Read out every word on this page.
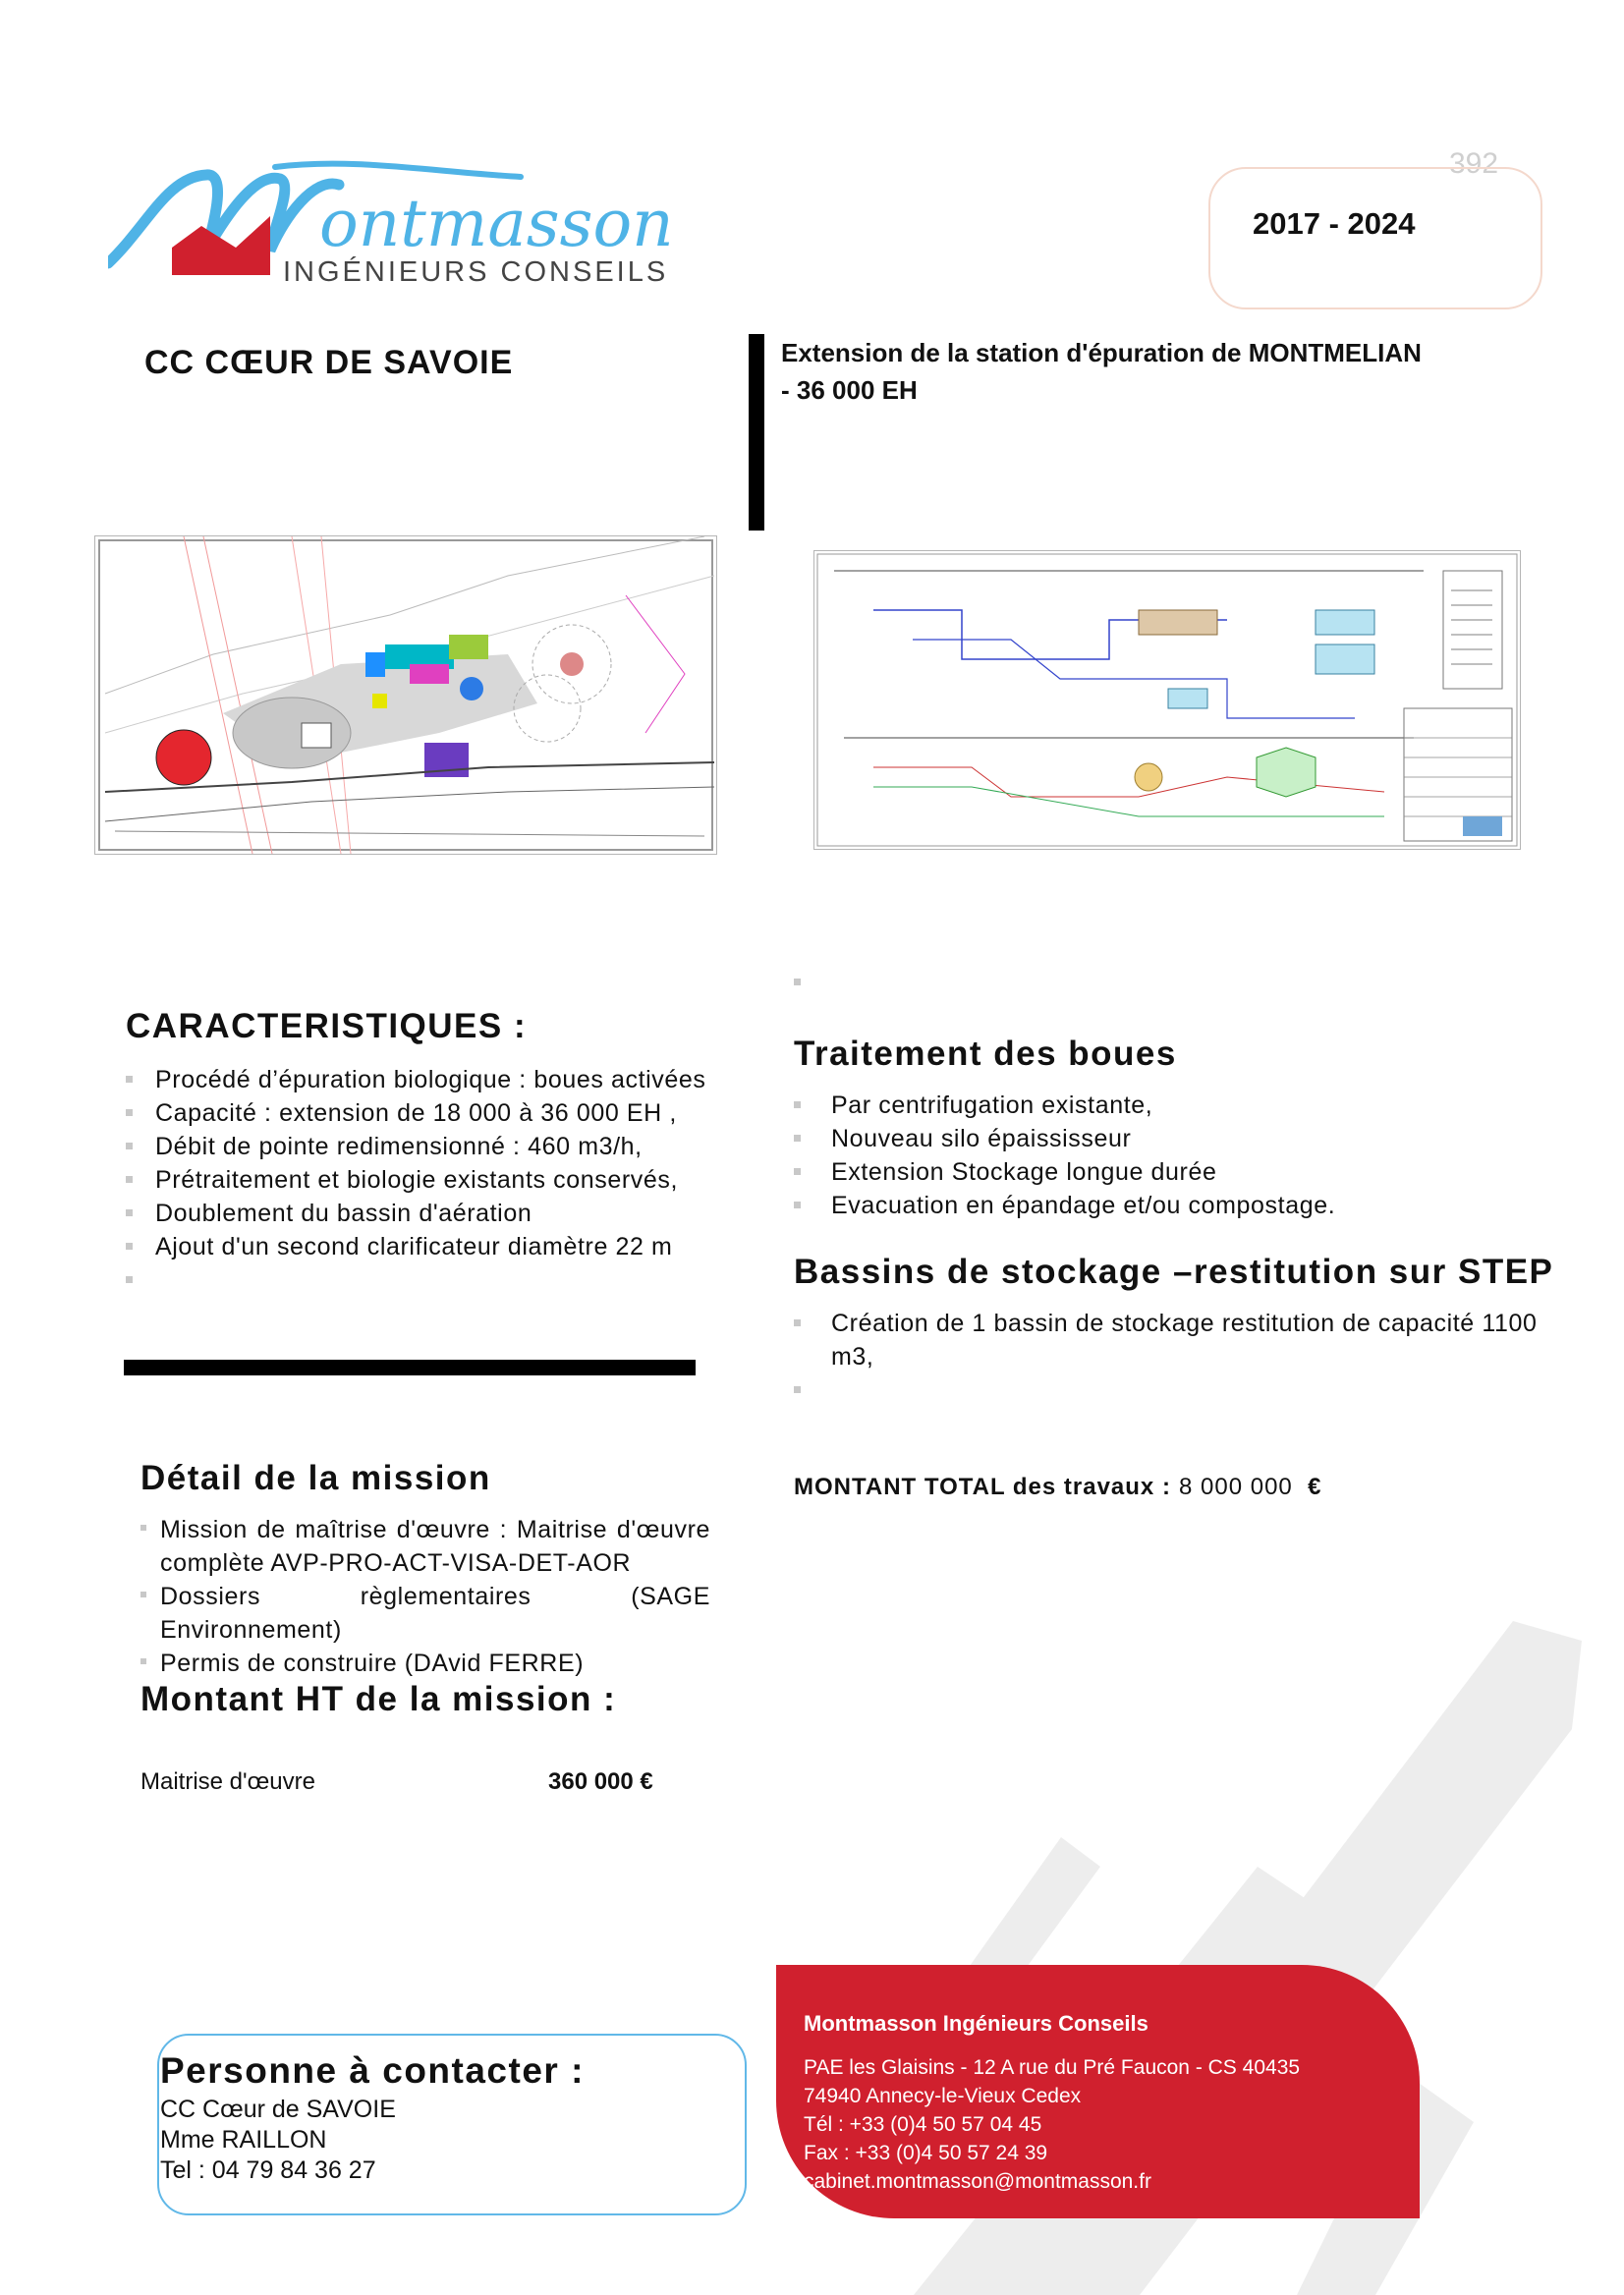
ontmasson
INGÉNIEURS CONSEILS
392
2017 - 2024
CC CŒUR DE SAVOIE	Extension de la station d'épuration de MONTMELIAN
- 36 000 EH
CARACTERISTIQUES :
Procédé d’épuration biologique : boues activées
Capacité : extension de 18 000 à 36 000 EH ,
Débit de pointe redimensionné : 460 m3/h,
Prétraitement et biologie existants conservés,
Doublement du bassin d'aération
Ajout d'un second clarificateur diamètre 22 m
Traitement des boues
Par centrifugation existante,
Nouveau silo épaississeur
Extension Stockage longue durée
Evacuation en épandage et/ou compostage.
Bassins de stockage –restitution sur STEP
Création de 1 bassin de stockage restitution de capacité 1100 m3,
Détail de la mission
Mission de maîtrise d'œuvre : Maitrise d'œuvre complète AVP-PRO-ACT-VISA-DET-AOR
Dossiers règlementaires (SAGE Environnement)
Permis de construire (DAvid FERRE)
MONTANT TOTAL des travaux : 8 000 000 €
Montant HT de la mission :
Maitrise d'œuvre	360 000 €
Montmasson Ingénieurs Conseils
PAE les Glaisins - 12 A rue du Pré Faucon - CS 40435
74940 Annecy-le-Vieux Cedex
Tél : +33 (0)4 50 57 04 45
Fax : +33 (0)4 50 57 24 39
cabinet.montmasson@montmasson.fr
Personne à contacter :
CC Cœur de SAVOIE
Mme RAILLON
Tel : 04 79 84 36 27
